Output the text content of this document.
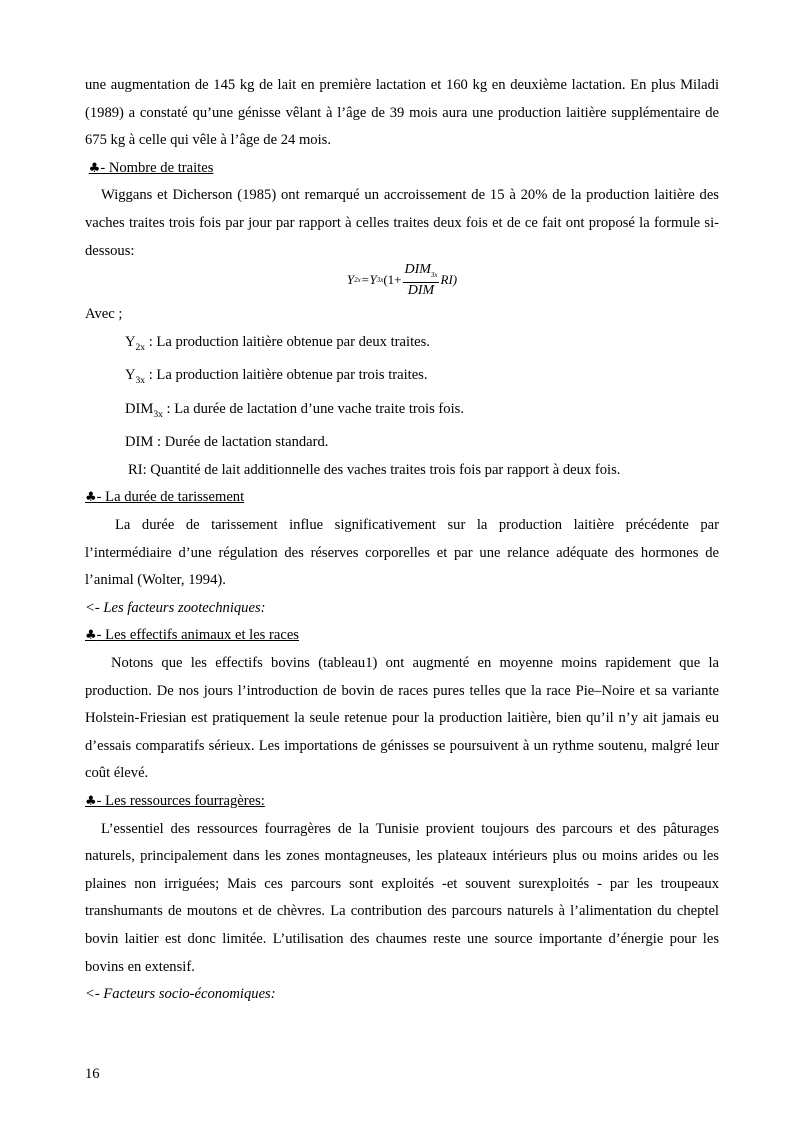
une augmentation de 145 kg de lait en première lactation et 160 kg en deuxième lactation. En plus Miladi (1989) a constaté qu’une génisse vêlant à l’âge de 39 mois aura une production laitière supplémentaire de 675 kg à celle qui vêle à l’âge de 24 mois.

♣- Nombre de traites

Wiggans et Dicherson (1985) ont remarqué un accroissement de 15 à 20% de la production laitière des vaches traites trois fois par jour par rapport à celles traites deux fois et de ce fait ont proposé la formule si- dessous:

Y 2x = Y 3x $(1+ \frac{DIM_{3x}}{\text{DIM}} RI)$
Avec ;
$Y_{2x}$ : La production laitière obtenue par deux traites.
$Y_{3x}$ : La production laitière obtenue par trois traites.
$DIM_{3x}$ : La durée de lactation d’une vache traite trois fois.
DIM : Durée de lactation standard.
RI: Quantité de lait additionnelle des vaches traites trois fois par rapport à deux fois.
♣- La durée de tarissement

La durée de tarissement influe significativement sur la production laitière précédente par l’intermédiaire d’une régulation des réserves corporelles et par une relance adéquate des hormones de l’animal (Wolter, 1994).

<- Les facteurs zootechniques:
♣- Les effectifs animaux et les races

Notons que les effectifs bovins (tableau1) ont augmenté en moyenne moins rapidement que la production. De nos jours l’introduction de bovin de races pures telles que la race Pie–Noire et sa variante Holstein-Friesian est pratiquement la seule retenue pour la production laitière, bien qu’il n’y ait jamais eu d’essais comparatifs sérieux. Les importations de génisses se poursuivent à un rythme soutenu, malgré leur coût élevé.

♣- Les ressources fourragères:

L’essentiel des ressources fourragères de la Tunisie provient toujours des parcours et des pâturages naturels, principalement dans les zones montagneuses, les plateaux intérieurs plus ou moins arides ou les plaines non irriguées; Mais ces parcours sont exploités -et souvent surexploités - par les troupeaux transhumants de moutons et de chèvres. La contribution des parcours naturels à l’alimentation du cheptel bovin laitier est donc limitée. L’utilisation des chaumes reste une source importante d’énergie pour les bovins en extensif.

<- Facteurs socio-économiques:
16
